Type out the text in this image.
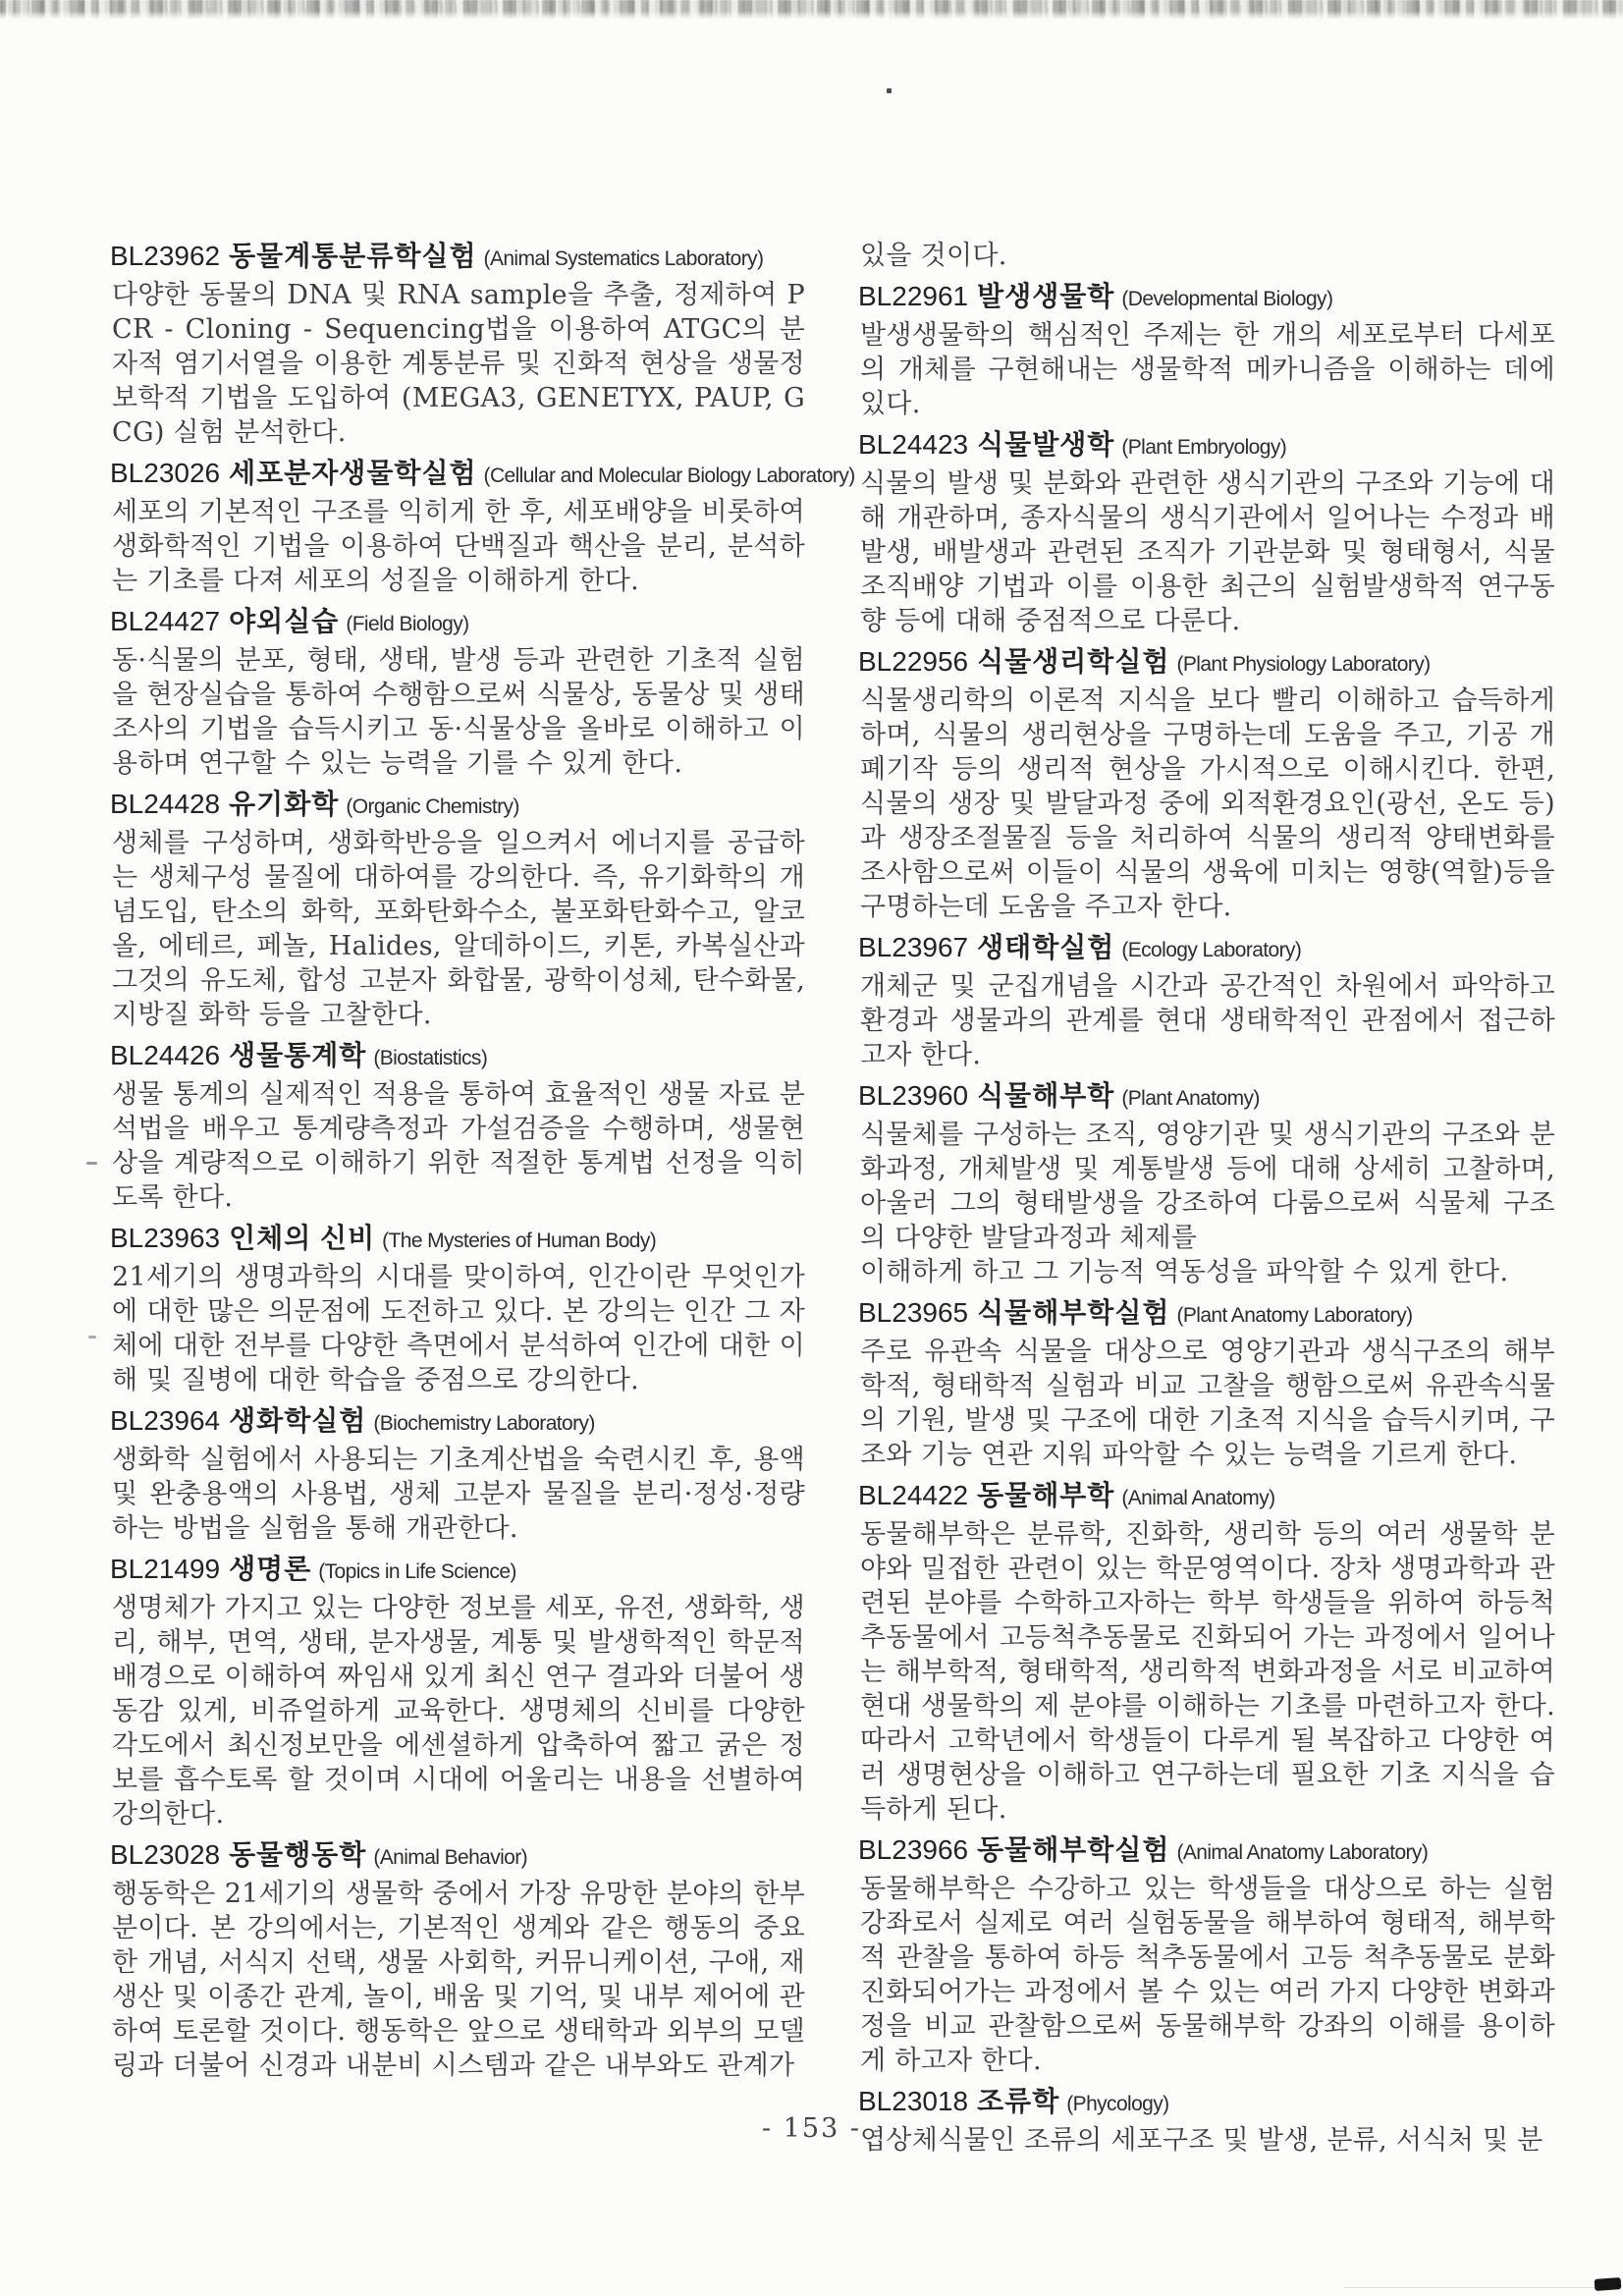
BL23962 동물계통분류학실험 (Animal Systematics Laboratory)

다양한 동물의 DNA 및 RNA sample을 추출, 정제하여 PCR - Cloning - Sequencing법을 이용하여 ATGC의 분자적 염기서열을 이용한 계통분류 및 진화적 현상을 생물정보학적 기법을 도입하여 (MEGA3, GENETYX, PAUP, GCG) 실험 분석한다.

BL23026 세포분자생물학실험 (Cellular and Molecular Biology Laboratory)

세포의 기본적인 구조를 익히게 한 후, 세포배양을 비롯하여 생화학적인 기법을 이용하여 단백질과 핵산을 분리, 분석하는 기초를 다져 세포의 성질을 이해하게 한다.

BL24427 야외실습 (Field Biology)

동·식물의 분포, 형태, 생태, 발생 등과 관련한 기초적 실험을 현장실습을 통하여 수행함으로써 식물상, 동물상 및 생태조사의 기법을 습득시키고 동·식물상을 올바로 이해하고 이용하며 연구할 수 있는 능력을 기를 수 있게 한다.

BL24428 유기화학 (Organic Chemistry)

생체를 구성하며, 생화학반응을 일으켜서 에너지를 공급하는 생체구성 물질에 대하여를 강의한다. 즉, 유기화학의 개념도입, 탄소의 화학, 포화탄화수소, 불포화탄화수고, 알코올, 에테르, 페놀, Halides, 알데하이드, 키톤, 카복실산과 그것의 유도체, 합성 고분자 화합물, 광학이성체, 탄수화물, 지방질 화학 등을 고찰한다.

BL24426 생물통계학 (Biostatistics)

생물 통계의 실제적인 적용을 통하여 효율적인 생물 자료 분석법을 배우고 통계량측정과 가설검증을 수행하며, 생물현상을 계량적으로 이해하기 위한 적절한 통계법 선정을 익히도록 한다.

BL23963 인체의 신비 (The Mysteries of Human Body)

21세기의 생명과학의 시대를 맞이하여, 인간이란 무엇인가에 대한 많은 의문점에 도전하고 있다. 본 강의는 인간 그 자체에 대한 전부를 다양한 측면에서 분석하여 인간에 대한 이해 및 질병에 대한 학습을 중점으로 강의한다.

BL23964 생화학실험 (Biochemistry Laboratory)

생화학 실험에서 사용되는 기초계산법을 숙련시킨 후, 용액 및 완충용액의 사용법, 생체 고분자 물질을 분리·정성·정량하는 방법을 실험을 통해 개관한다.

BL21499 생명론 (Topics in Life Science)

생명체가 가지고 있는 다양한 정보를 세포, 유전, 생화학, 생리, 해부, 면역, 생태, 분자생물, 계통 및 발생학적인 학문적 배경으로 이해하여 짜임새 있게 최신 연구 결과와 더불어 생동감 있게, 비쥬얼하게 교육한다. 생명체의 신비를 다양한 각도에서 최신정보만을 에센셜하게 압축하여 짧고 굵은 정보를 흡수토록 할 것이며 시대에 어울리는 내용을 선별하여 강의한다.

BL23028 동물행동학 (Animal Behavior)

행동학은 21세기의 생물학 중에서 가장 유망한 분야의 한부분이다. 본 강의에서는, 기본적인 생계와 같은 행동의 중요한 개념, 서식지 선택, 생물 사회학, 커뮤니케이션, 구애, 재생산 및 이종간 관계, 놀이, 배움 및 기억, 및 내부 제어에 관하여 토론할 것이다. 행동학은 앞으로 생태학과 외부의 모델링과 더불어 신경과 내분비 시스템과 같은 내부와도 관계가

있을 것이다.

BL22961 발생생물학 (Developmental Biology)

발생생물학의 핵심적인 주제는 한 개의 세포로부터 다세포의 개체를 구현해내는 생물학적 메카니즘을 이해하는 데에 있다.

BL24423 식물발생학 (Plant Embryology)

식물의 발생 및 분화와 관련한 생식기관의 구조와 기능에 대해 개관하며, 종자식물의 생식기관에서 일어나는 수정과 배발생, 배발생과 관련된 조직가 기관분화 및 형태형서, 식물조직배양 기법과 이를 이용한 최근의 실험발생학적 연구동향 등에 대해 중점적으로 다룬다.

BL22956 식물생리학실험 (Plant Physiology Laboratory)

식물생리학의 이론적 지식을 보다 빨리 이해하고 습득하게하며, 식물의 생리현상을 구명하는데 도움을 주고, 기공 개폐기작 등의 생리적 현상을 가시적으로 이해시킨다. 한편, 식물의 생장 및 발달과정 중에 외적환경요인(광선, 온도 등)과 생장조절물질 등을 처리하여 식물의 생리적 양태변화를 조사함으로써 이들이 식물의 생육에 미치는 영향(역할)등을 구명하는데 도움을 주고자 한다.

BL23967 생태학실험 (Ecology Laboratory)

개체군 및 군집개념을 시간과 공간적인 차원에서 파악하고 환경과 생물과의 관계를 현대 생태학적인 관점에서 접근하고자 한다.

BL23960 식물해부학 (Plant Anatomy)

식물체를 구성하는 조직, 영양기관 및 생식기관의 구조와 분화과정, 개체발생 및 계통발생 등에 대해 상세히 고찰하며, 아울러 그의 형태발생을 강조하여 다룸으로써 식물체 구조의 다양한 발달과정과 체제를

이해하게 하고 그 기능적 역동성을 파악할 수 있게 한다.

BL23965 식물해부학실험 (Plant Anatomy Laboratory)

주로 유관속 식물을 대상으로 영양기관과 생식구조의 해부학적, 형태학적 실험과 비교 고찰을 행함으로써 유관속식물의 기원, 발생 및 구조에 대한 기초적 지식을 습득시키며, 구조와 기능 연관 지워 파악할 수 있는 능력을 기르게 한다.

BL24422 동물해부학 (Animal Anatomy)

동물해부학은 분류학, 진화학, 생리학 등의 여러 생물학 분야와 밀접한 관련이 있는 학문영역이다. 장차 생명과학과 관련된 분야를 수학하고자하는 학부 학생들을 위하여 하등척추동물에서 고등척추동물로 진화되어 가는 과정에서 일어나는 해부학적, 형태학적, 생리학적 변화과정을 서로 비교하여 현대 생물학의 제 분야를 이해하는 기초를 마련하고자 한다. 따라서 고학년에서 학생들이 다루게 될 복잡하고 다양한 여러 생명현상을 이해하고 연구하는데 필요한 기초 지식을 습득하게 된다.

BL23966 동물해부학실험 (Animal Anatomy Laboratory)

동물해부학은 수강하고 있는 학생들을 대상으로 하는 실험강좌로서 실제로 여러 실험동물을 해부하여 형태적, 해부학적 관찰을 통하여 하등 척추동물에서 고등 척추동물로 분화진화되어가는 과정에서 볼 수 있는 여러 가지 다양한 변화과정을 비교 관찰함으로써 동물해부학 강좌의 이해를 용이하게 하고자 한다.

BL23018 조류학 (Phycology)

엽상체식물인 조류의 세포구조 및 발생, 분류, 서식처 및 분

- 153 -
